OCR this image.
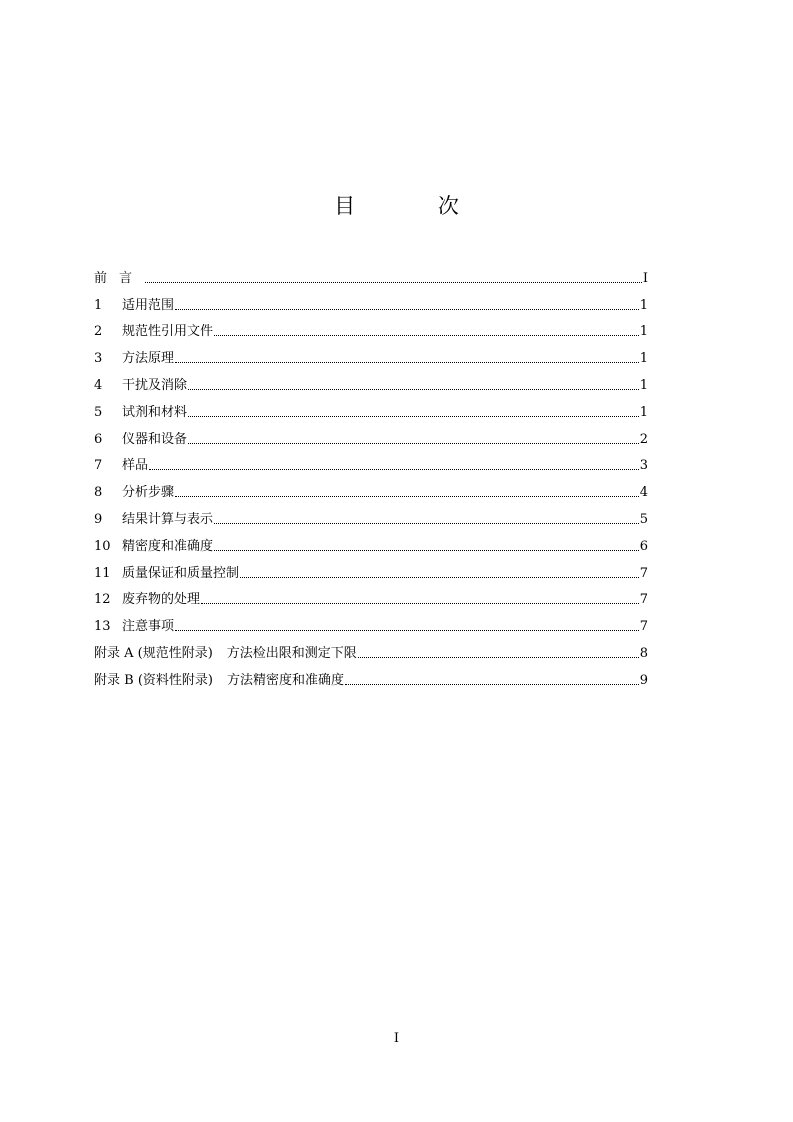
目 次
前言	I
1	适用范围	1
2	规范性引用文件	1
3	方法原理	1
4	干扰及消除	1
5	试剂和材料	1
6	仪器和设备	2
7	样品	3
8	分析步骤	4
9	结果计算与表示	5
10 精密度和准确度	6
11 质量保证和质量控制	7
12 废弃物的处理	7
13 注意事项	7
附录 A (规范性附录) 方法检出限和测定下限	8
附录 B (资料性附录) 方法精密度和准确度	9
I
